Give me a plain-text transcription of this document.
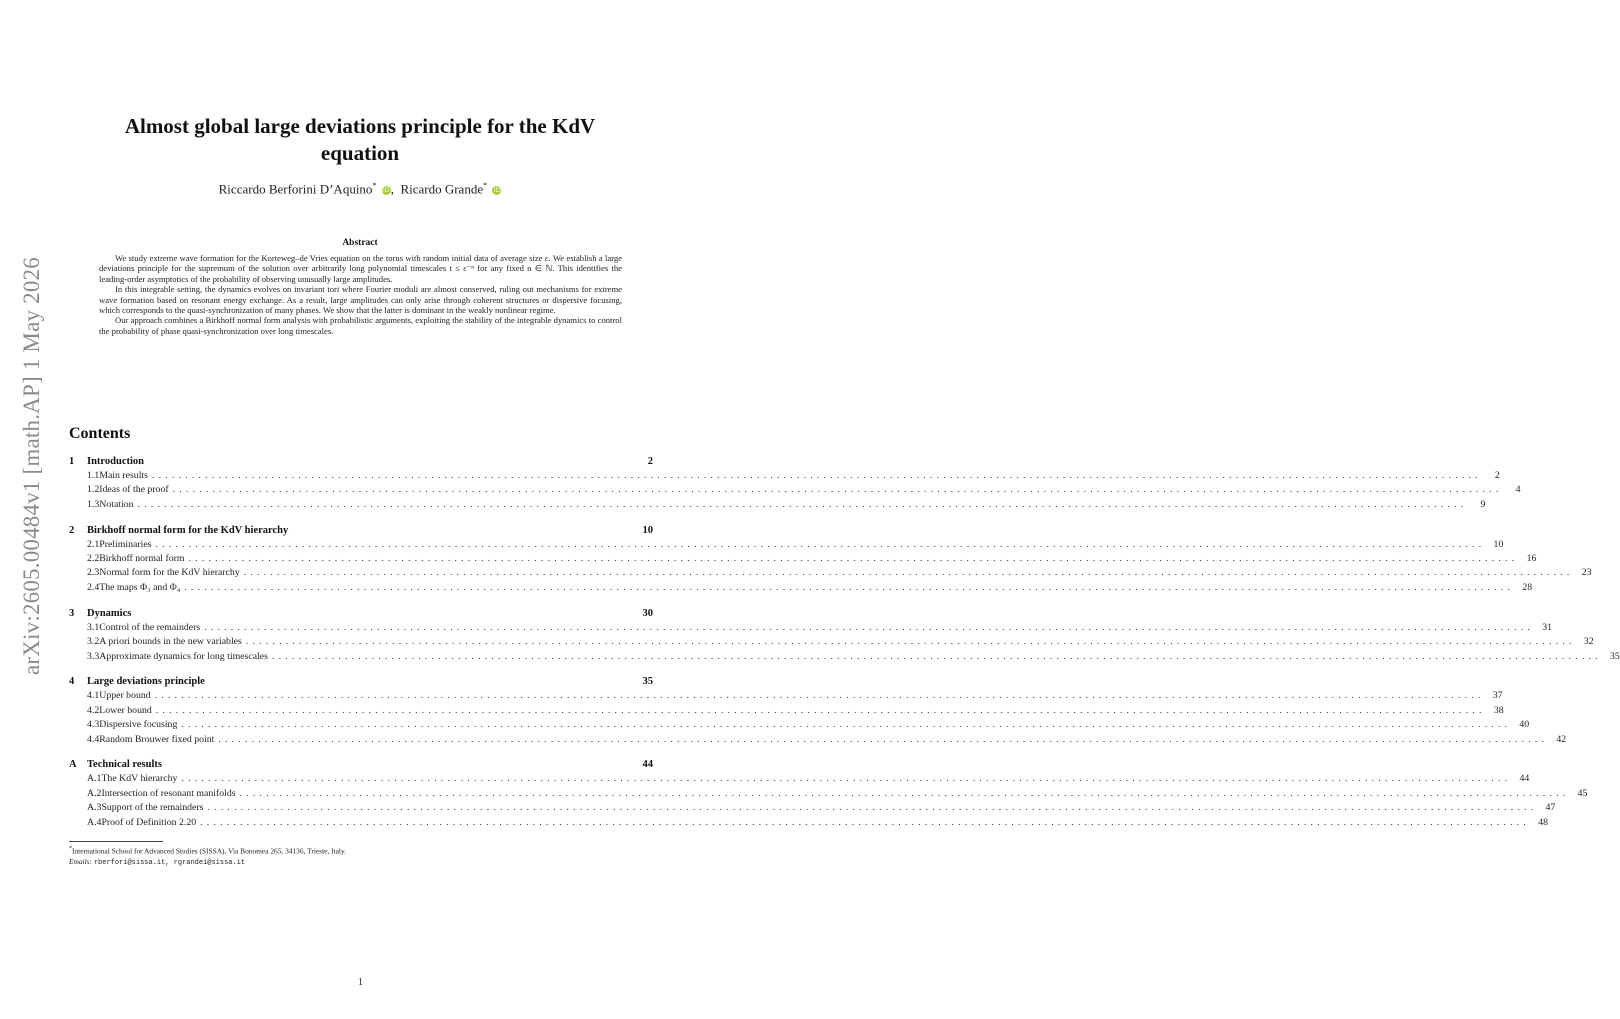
arXiv:2605.00484v1 [math.AP] 1 May 2026
Almost global large deviations principle for the KdV equation
Riccardo Berforini D’Aquino* iD,  Ricardo Grande* iD
Abstract

We study extreme wave formation for the Korteweg–de Vries equation on the torus with random initial data of average size ε. We establish a large deviations principle for the supremum of the solution over arbitrarily long polynomial timescales t ≤ ε⁻ⁿ for any fixed n ∈ ℕ. This identifies the leading-order asymptotics of the probability of observing unusually large amplitudes.

In this integrable setting, the dynamics evolves on invariant tori where Fourier moduli are almost conserved, ruling out mechanisms for extreme wave formation based on resonant energy exchange. As a result, large amplitudes can only arise through coherent structures or dispersive focusing, which corresponds to the quasi-synchronization of many phases. We show that the latter is dominant in the weakly nonlinear regime.

Our approach combines a Birkhoff normal form analysis with probabilistic arguments, exploiting the stability of the integrable dynamics to control the probability of phase quasi-synchronization over long timescales.

Contents
1	Introduction	2
1.1 Main results ........................................................................................................................................................................................................	2
1.2 Ideas of the proof ........................................................................................................................................................................................................	4
1.3 Notation ........................................................................................................................................................................................................	9
2	Birkhoff normal form for the KdV hierarchy	10
2.1 Preliminaries ........................................................................................................................................................................................................ 10
2.2 Birkhoff normal form ........................................................................................................................................................................................................ 16
2.3 Normal form for the KdV hierarchy ........................................................................................................................................................................................................ 23
2.4 The maps Φ₃ and Φ₄ ........................................................................................................................................................................................................ 28
3	Dynamics	30
3.1 Control of the remainders ........................................................................................................................................................................................................ 31
3.2 A priori bounds in the new variables ........................................................................................................................................................................................................ 32
3.3 Approximate dynamics for long timescales ........................................................................................................................................................................................................ 35
4	Large deviations principle	35
4.1 Upper bound ........................................................................................................................................................................................................ 37
4.2 Lower bound ........................................................................................................................................................................................................ 38
4.3 Dispersive focusing ........................................................................................................................................................................................................ 40
4.4 Random Brouwer fixed point ........................................................................................................................................................................................................ 42
A Technical results	44
A.1 The KdV hierarchy ........................................................................................................................................................................................................ 44
A.2 Intersection of resonant manifolds ........................................................................................................................................................................................................ 45
A.3 Support of the remainders ........................................................................................................................................................................................................ 47
A.4 Proof of Definition 2.20 ........................................................................................................................................................................................................ 48
*International School for Advanced Studies (SISSA), Via Bonomea 265, 34136, Trieste, Italy.
Emails: rberfori@sissa.it, rgrandei@sissa.it
1
